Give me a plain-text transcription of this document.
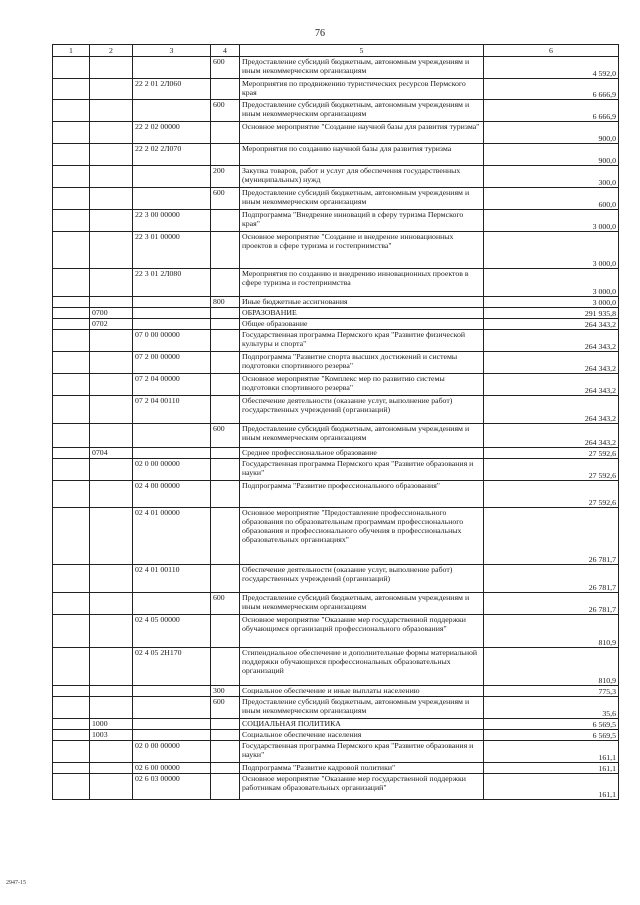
76
1	2	3	4	5	6
			600	Предоставление субсидий бюджетным, автономным учреждениям и иным некоммерческим организациям	4 592,0
		22 2 01 2Л060		Мероприятия по продвижению туристических ресурсов Пермского края	6 666,9
			600	Предоставление субсидий бюджетным, автономным учреждениям и иным некоммерческим организациям	6 666,9
		22 2 02 00000		Основное мероприятие "Создание научной базы для развития туризма"	900,0
		22 2 02 2Л070		Мероприятия по созданию научной базы для развития туризма	900,0
			200	Закупка товаров, работ и услуг для обеспечения государственных (муниципальных) нужд	300,0
			600	Предоставление субсидий бюджетным, автономным учреждениям и иным некоммерческим организациям	600,0
		22 3 00 00000		Подпрограмма "Внедрение инноваций в сферу туризма Пермского края"	3 000,0
		22 3 01 00000		Основное мероприятие "Создание и внедрение инновационных проектов в сфере туризма и гостеприимства"	3 000,0
		22 3 01 2Л080		Мероприятия по созданию и внедрению инновационных проектов в сфере туризма и гостеприимства	3 000,0
			800	Иные бюджетные ассигнования	3 000,0
	0700			ОБРАЗОВАНИЕ	291 935,8
	0702			Общее образование	264 343,2
		07 0 00 00000		Государственная программа Пермского края "Развитие физической культуры и спорта"	264 343,2
		07 2 00 00000		Подпрограмма "Развитие спорта высших достижений и системы подготовки спортивного резерва"	264 343,2
		07 2 04 00000		Основное мероприятие "Комплекс мер по развитию системы подготовки спортивного резерва"	264 343,2
		07 2 04 00110		Обеспечение деятельности (оказание услуг, выполнение работ) государственных учреждений (организаций)	264 343,2
			600	Предоставление субсидий бюджетным, автономным учреждениям и иным некоммерческим организациям	264 343,2
	0704			Среднее профессиональное образование	27 592,6
		02 0 00 00000		Государственная программа Пермского края "Развитие образования и науки"	27 592,6
		02 4 00 00000		Подпрограмма "Развитие профессионального образования"	27 592,6
		02 4 01 00000		Основное мероприятие "Предоставление профессионального образования по образовательным программам профессионального образования и профессионального обучения в профессиональных образовательных организациях"	26 781,7
		02 4 01 00110		Обеспечение деятельности (оказание услуг, выполнение работ) государственных учреждений (организаций)	26 781,7
			600	Предоставление субсидий бюджетным, автономным учреждениям и иным некоммерческим организациям	26 781,7
		02 4 05 00000		Основное мероприятие "Оказание мер государственной поддержки обучающимся организаций профессионального образования"	810,9
		02 4 05 2Н170		Стипендиальное обеспечение и дополнительные формы материальной поддержки обучающихся профессиональных образовательных организаций	810,9
			300	Социальное обеспечение и иные выплаты населению	775,3
			600	Предоставление субсидий бюджетным, автономным учреждениям и иным некоммерческим организациям	35,6
	1000			СОЦИАЛЬНАЯ ПОЛИТИКА	6 569,5
	1003			Социальное обеспечение населения	6 569,5
		02 0 00 00000		Государственная программа Пермского края "Развитие образования и науки"	161,1
		02 6 00 00000		Подпрограмма "Развитие кадровой политики"	161,1
		02 6 03 00000		Основное мероприятие "Оказание мер государственной поддержки работникам образовательных организаций"	161,1
2947-15
